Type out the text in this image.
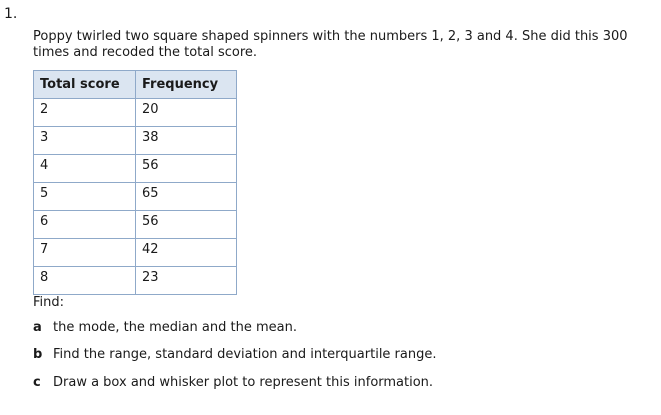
1.
Poppy twirled two square shaped spinners with the numbers 1, 2, 3 and 4. She did this 300 times and recoded the total score.
Total score	Frequency
2	20
3	38
4	56
5	65
6	56
7	42
8	23
Find:
a the mode, the median and the mean.
b Find the range, standard deviation and interquartile range.
c Draw a box and whisker plot to represent this information.
